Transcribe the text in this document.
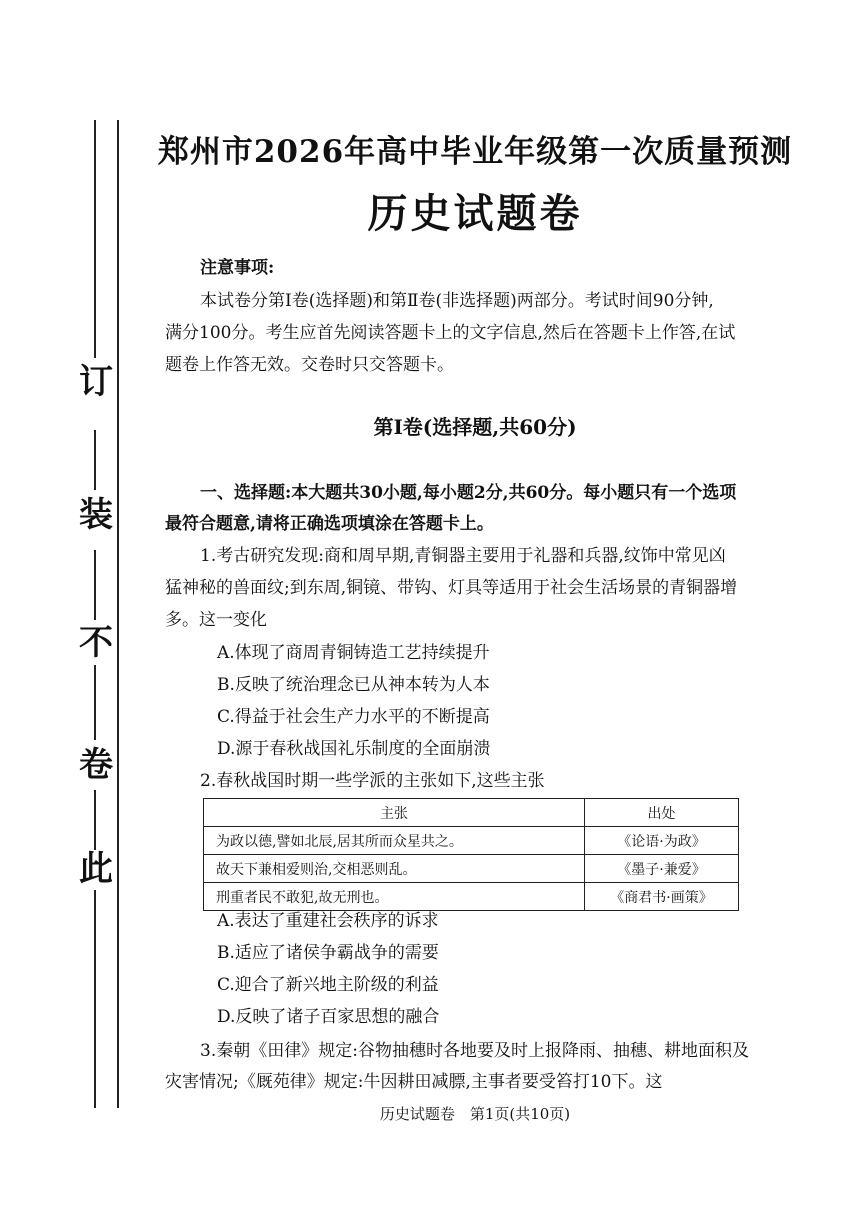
订
装
不
卷
此
郑州市2026年高中毕业年级第一次质量预测
历史试题卷
注意事项:
本试卷分第Ⅰ卷(选择题)和第Ⅱ卷(非选择题)两部分。考试时间90分钟,
满分100分。考生应首先阅读答题卡上的文字信息,然后在答题卡上作答,在试
题卷上作答无效。交卷时只交答题卡。
第Ⅰ卷(选择题,共60分)
一、选择题:本大题共30小题,每小题2分,共60分。每小题只有一个选项
最符合题意,请将正确选项填涂在答题卡上。
1.考古研究发现:商和周早期,青铜器主要用于礼器和兵器,纹饰中常见凶
猛神秘的兽面纹;到东周,铜镜、带钩、灯具等适用于社会生活场景的青铜器增
多。这一变化
A.体现了商周青铜铸造工艺持续提升
B.反映了统治理念已从神本转为人本
C.得益于社会生产力水平的不断提高
D.源于春秋战国礼乐制度的全面崩溃
2.春秋战国时期一些学派的主张如下,这些主张
主张	出处
为政以德,譬如北辰,居其所而众星共之。	《论语·为政》
故天下兼相爱则治,交相恶则乱。	《墨子·兼爱》
刑重者民不敢犯,故无刑也。	《商君书·画策》
A.表达了重建社会秩序的诉求
B.适应了诸侯争霸战争的需要
C.迎合了新兴地主阶级的利益
D.反映了诸子百家思想的融合
3.秦朝《田律》规定:谷物抽穗时各地要及时上报降雨、抽穗、耕地面积及
灾害情况;《厩苑律》规定:牛因耕田减膘,主事者要受笞打10下。这
历史试题卷　第1页(共10页)
